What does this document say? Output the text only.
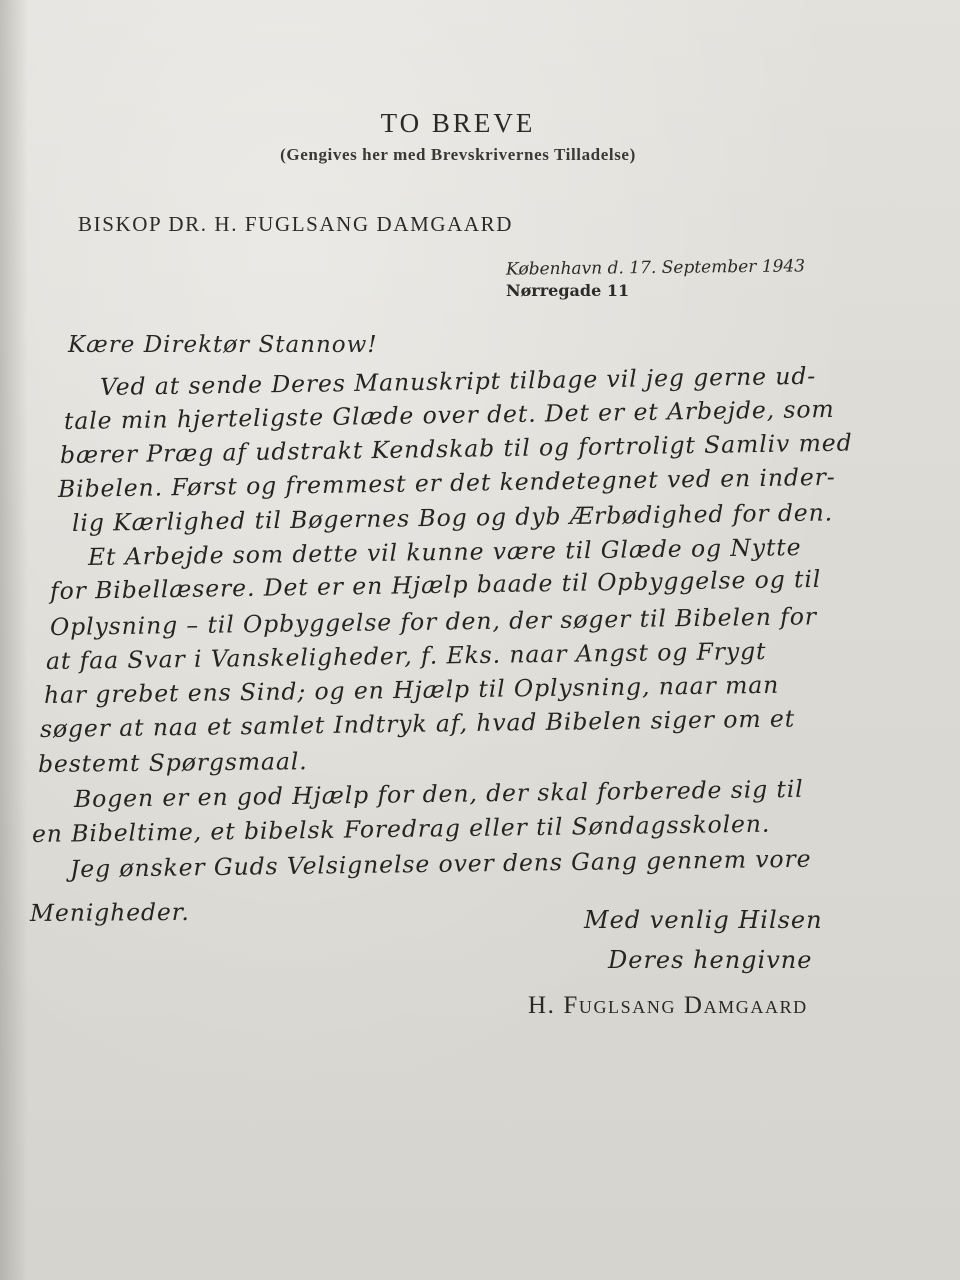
TO BREVE
(Gengives her med Brevskrivernes Tilladelse)
BISKOP DR. H. FUGLSANG DAMGAARD
København d. 17. September 1943
Nørregade 11
Kære Direktør Stannow!
Ved at sende Deres Manuskript tilbage vil jeg gerne ud-
tale min hjerteligste Glæde over det. Det er et Arbejde, som
bærer Præg af udstrakt Kendskab til og fortroligt Samliv med
Bibelen. Først og fremmest er det kendetegnet ved en inder-
lig Kærlighed til Bøgernes Bog og dyb Ærbødighed for den.
Et Arbejde som dette vil kunne være til Glæde og Nytte
for Bibellæsere. Det er en Hjælp baade til Opbyggelse og til
Oplysning – til Opbyggelse for den, der søger til Bibelen for
at faa Svar i Vanskeligheder, f. Eks. naar Angst og Frygt
har grebet ens Sind; og en Hjælp til Oplysning, naar man
søger at naa et samlet Indtryk af, hvad Bibelen siger om et
bestemt Spørgsmaal.
Bogen er en god Hjælp for den, der skal forberede sig til
en Bibeltime, et bibelsk Foredrag eller til Søndagsskolen.
Jeg ønsker Guds Velsignelse over dens Gang gennem vore
Menigheder.	Med venlig Hilsen
Deres hengivne
H. Fuglsang Damgaard
